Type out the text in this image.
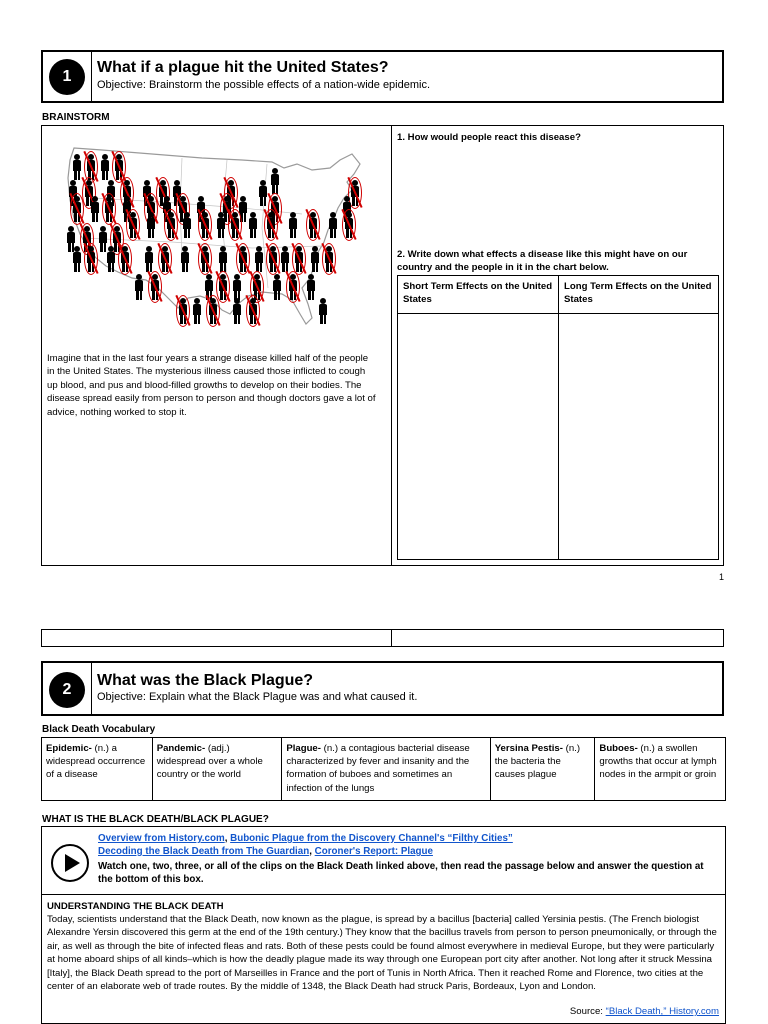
1
What if a plague hit the United States?
Objective: Brainstorm the possible effects of a nation-wide epidemic.
BRAINSTORM
Imagine that in the last four years a strange disease killed half of the people in the United States. The mysterious illness caused those inflicted to cough up blood, and pus and blood-filled growths to develop on their bodies. The disease spread easily from person to person and though doctors gave a lot of advice, nothing worked to stop it.
1. How would people react this disease?
2. Write down what effects a disease like this might have on our country and the people in it in the chart below.
Short Term Effects on the United States
Long Term Effects on the United States
1
2
What was the Black Plague?
Objective: Explain what the Black Plague was and what caused it.
Black Death Vocabulary
Epidemic- (n.) a widespread occurrence of a disease
Pandemic- (adj.) widespread over a whole country or the world
Plague- (n.) a contagious bacterial disease characterized by fever and insanity and the formation of buboes and sometimes an infection of the lungs
Yersina Pestis- (n.) the bacteria the causes plague
Buboes- (n.) a swollen growths that occur at lymph nodes in the armpit or groin
WHAT IS THE BLACK DEATH/BLACK PLAGUE?
Overview from History.com, Bubonic Plague from the Discovery Channel's “Filthy Cities”
Decoding the Black Death from The Guardian, Coroner's Report: Plague
Watch one, two, three, or all of the clips on the Black Death linked above, then read the passage below and answer the question at the bottom of this box.
UNDERSTANDING THE BLACK DEATH
Today, scientists understand that the Black Death, now known as the plague, is spread by a bacillus [bacteria] called Yersinia pestis. (The French biologist Alexandre Yersin discovered this germ at the end of the 19th century.) They know that the bacillus travels from person to person pneumonically, or through the air, as well as through the bite of infected fleas and rats. Both of these pests could be found almost everywhere in medieval Europe, but they were particularly at home aboard ships of all kinds–which is how the deadly plague made its way through one European port city after another. Not long after it struck Messina [Italy], the Black Death spread to the port of Marseilles in France and the port of Tunis in North Africa. Then it reached Rome and Florence, two cities at the center of an elaborate web of trade routes. By the middle of 1348, the Black Death had struck Paris, Bordeaux, Lyon and London.
Source: “Black Death,” History.com
